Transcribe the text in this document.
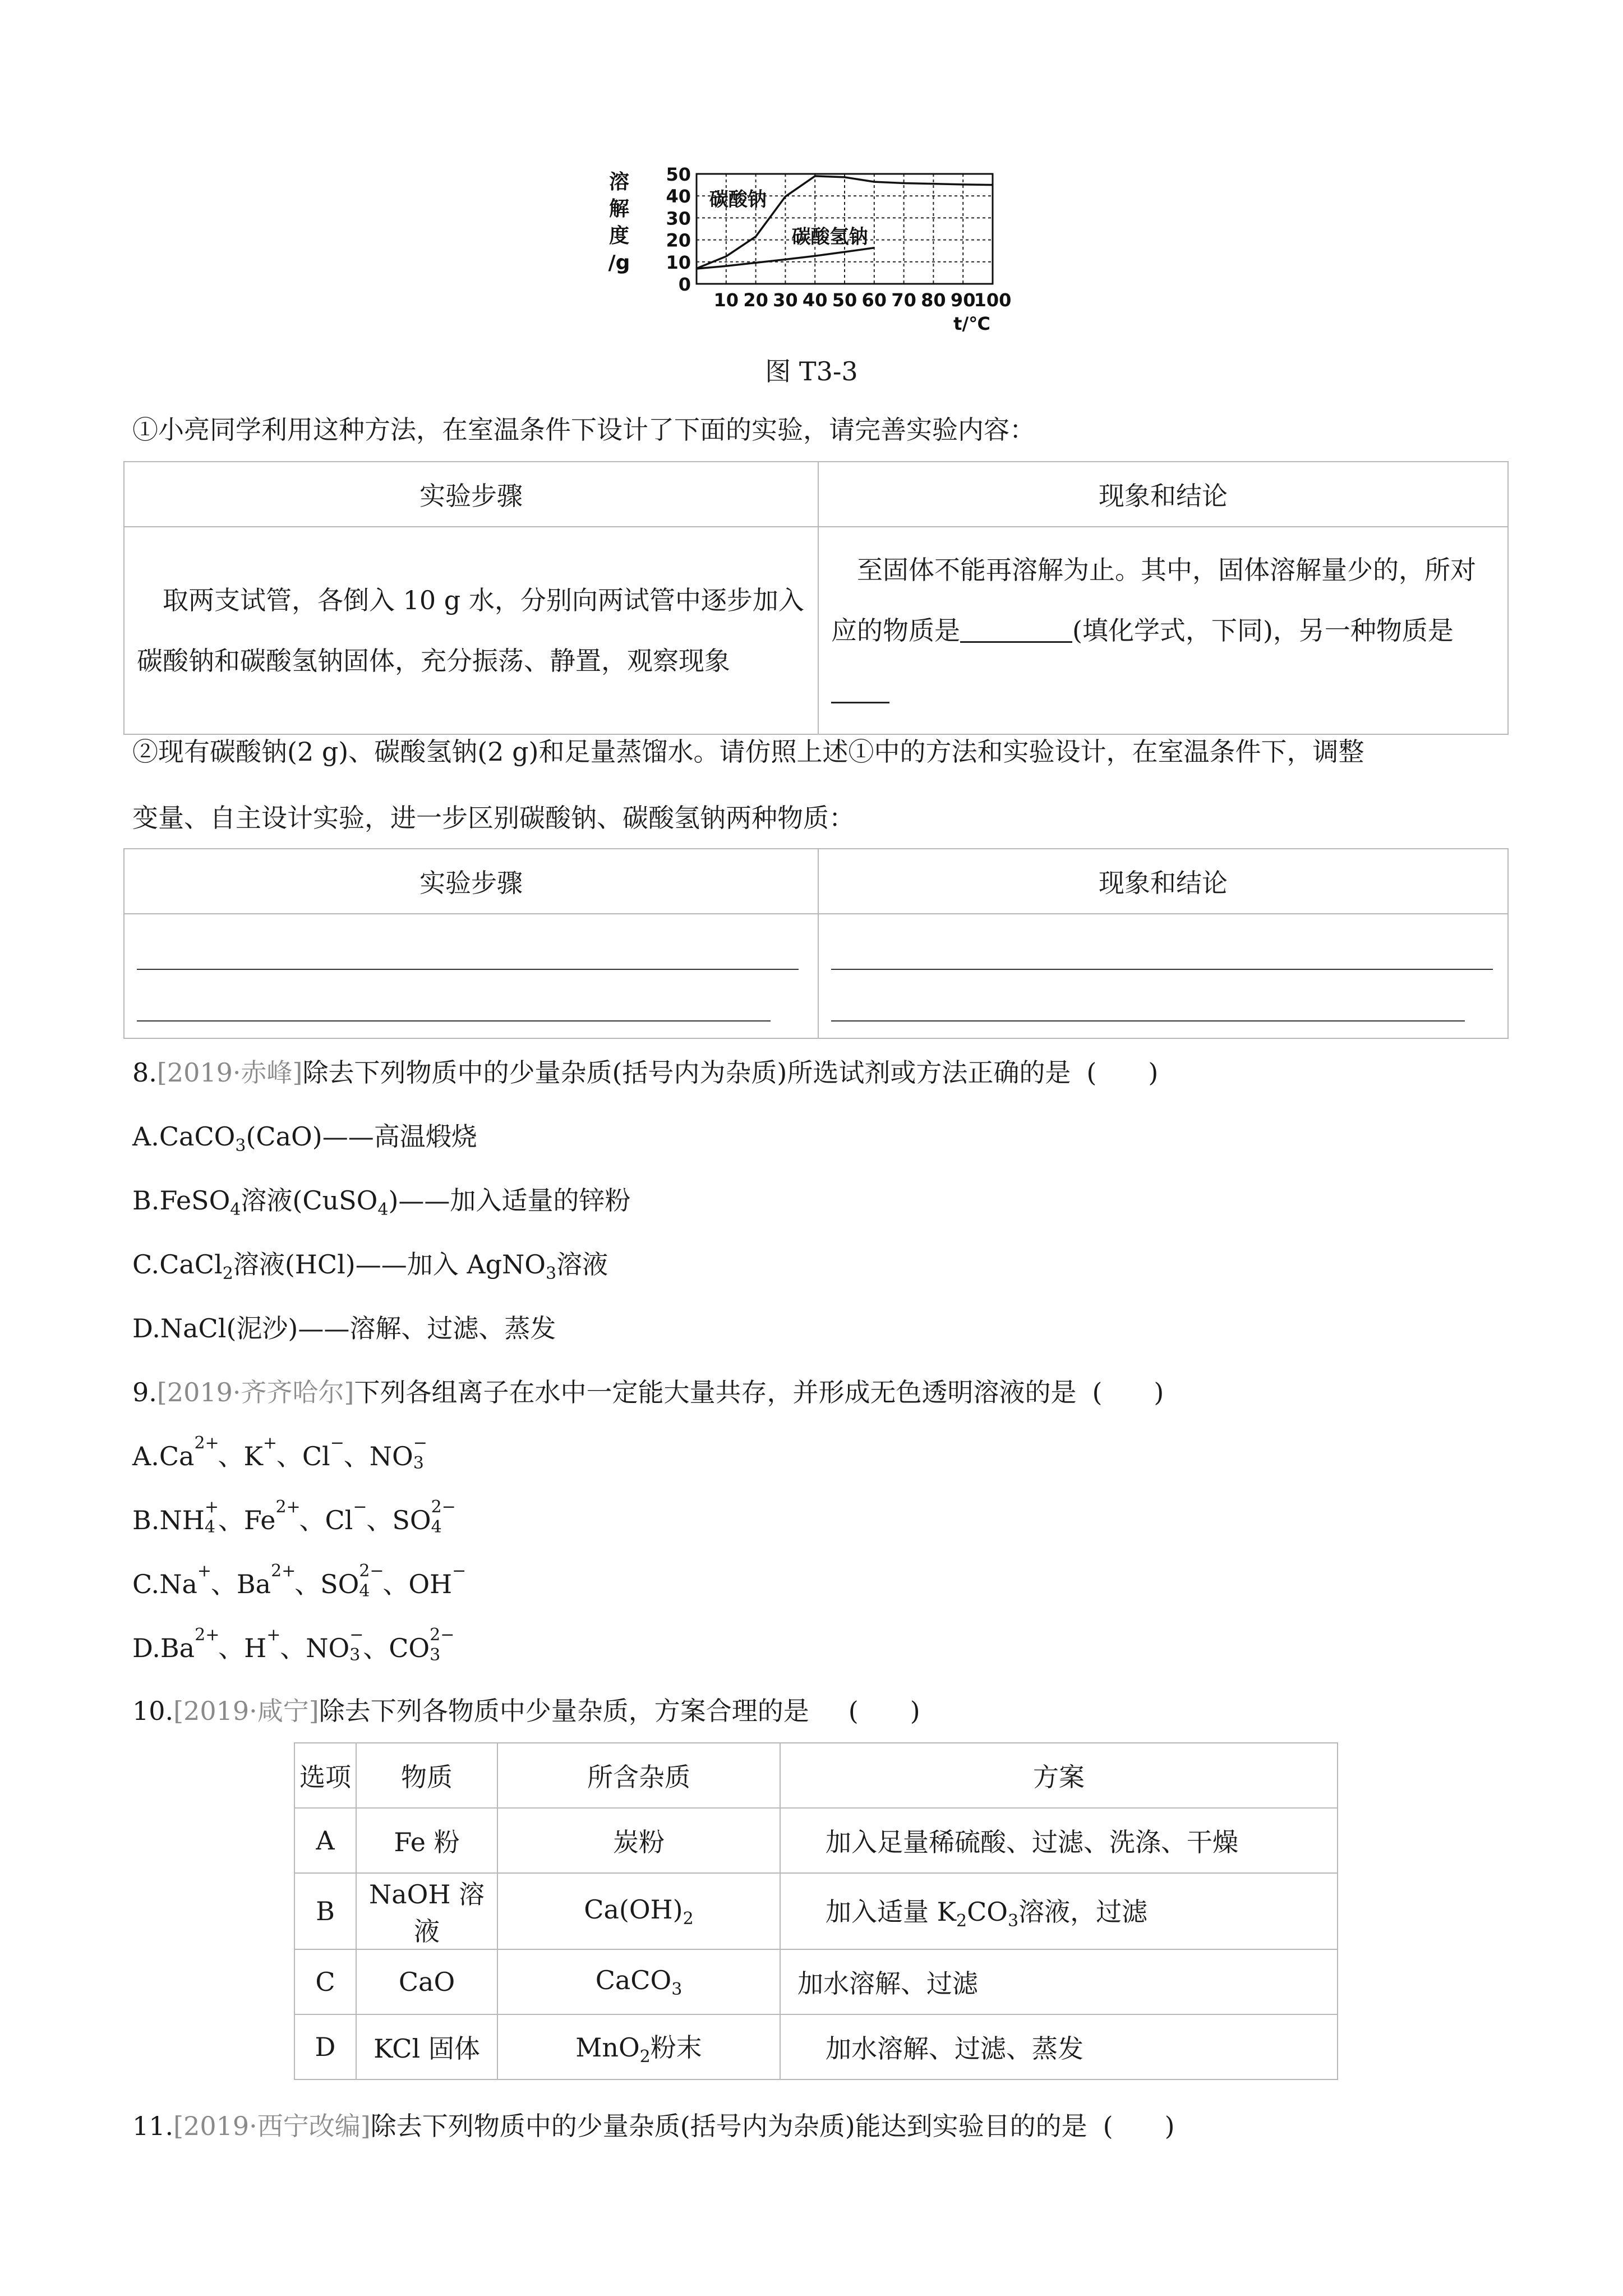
50
40
30
20
10
0
10 20 30 40 50 60 70 80 90
100
溶
解
度
/g
t/℃
碳酸钠
碳酸氢钠
图 T3-3
①小亮同学利用这种方法，在室温条件下设计了下面的实验，请完善实验内容：
实验步骤	现象和结论
取两支试管，各倒入 10 g 水，分别向两试管中逐步加入碳酸钠和碳酸氢钠固体，充分振荡、静置，观察现象	至固体不能再溶解为止。其中，固体溶解量少的，所对应的物质是 (填化学式，下同)，另一种物质是
②现有碳酸钠(2 g)、碳酸氢钠(2 g)和足量蒸馏水。请仿照上述①中的方法和实验设计，在室温条件下，调整
变量、自主设计实验，进一步区别碳酸钠、碳酸氢钠两种物质：
实验步骤	现象和结论

8.[2019·赤峰]除去下列物质中的少量杂质(括号内为杂质)所选试剂或方法正确的是 (　　)
A.CaCO$_3$(CaO)——高温煅烧
B.FeSO$_4$溶液(CuSO$_4$)——加入适量的锌粉
C.CaCl$_2$溶液(HCl)——加入 AgNO$_3$溶液
D.NaCl(泥沙)——溶解、过滤、蒸发
9.[2019·齐齐哈尔]下列各组离子在水中一定能大量共存，并形成无色透明溶液的是 (　　)
A.Ca 2+
、K +
、Cl −
、NO −
3
B.NH +
4 、Fe 2+
、Cl −
、SO 2−
4
C.Na +
、Ba 2+
、SO 2−
4 、OH −
D.Ba 2+
、H +
、NO −
3 、CO 2−
3
10.[2019·咸宁]除去下列各物质中少量杂质，方案合理的是 (　　)
选项	物质	所含杂质	方案
A	Fe 粉	炭粉	加入足量稀硫酸、过滤、洗涤、干燥
B	NaOH 溶液	$Ca(OH)_2$	加入适量 $K_2CO_3$溶液，过滤
C	CaO	CaCO$_3$	加水溶解、过滤
D	KCl 固体	MnO$_2$粉末	加水溶解、过滤、蒸发
11.[2019·西宁改编]除去下列物质中的少量杂质(括号内为杂质)能达到实验目的的是 (　　)
